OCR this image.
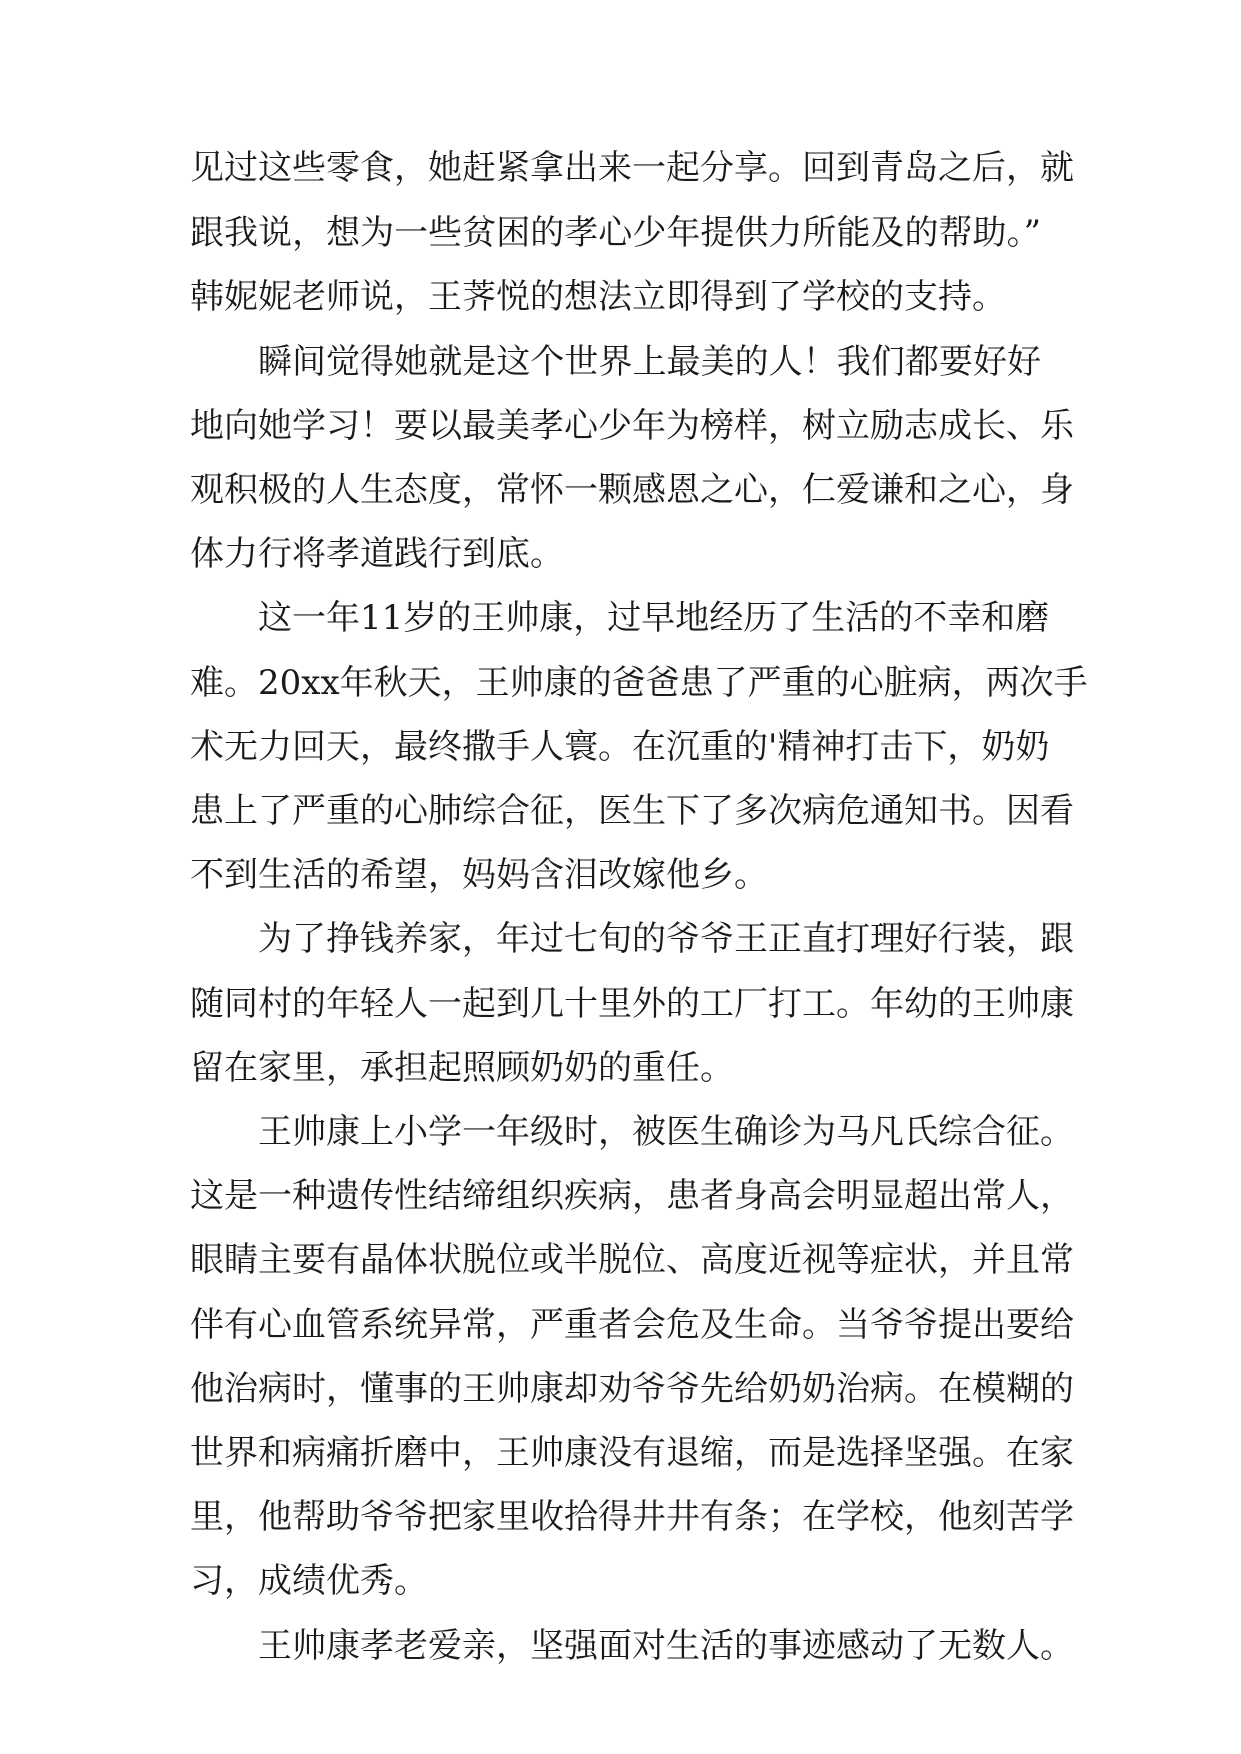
见过这些零食，她赶紧拿出来一起分享。回到青岛之后，就
跟我说，想为一些贫困的孝心少年提供力所能及的帮助。”
韩妮妮老师说，王荠悦的想法立即得到了学校的支持。
瞬间觉得她就是这个世界上最美的人！我们都要好好
地向她学习！要以最美孝心少年为榜样，树立励志成长、乐
观积极的人生态度，常怀一颗感恩之心，仁爱谦和之心，身
体力行将孝道践行到底。
这一年11岁的王帅康，过早地经历了生活的不幸和磨
难。20xx年秋天，王帅康的爸爸患了严重的心脏病，两次手
术无力回天，最终撒手人寰。在沉重的'精神打击下，奶奶
患上了严重的心肺综合征，医生下了多次病危通知书。因看
不到生活的希望，妈妈含泪改嫁他乡。
为了挣钱养家，年过七旬的爷爷王正直打理好行装，跟
随同村的年轻人一起到几十里外的工厂打工。年幼的王帅康
留在家里，承担起照顾奶奶的重任。
王帅康上小学一年级时，被医生确诊为马凡氏综合征。
这是一种遗传性结缔组织疾病，患者身高会明显超出常人，
眼睛主要有晶体状脱位或半脱位、高度近视等症状，并且常
伴有心血管系统异常，严重者会危及生命。当爷爷提出要给
他治病时，懂事的王帅康却劝爷爷先给奶奶治病。在模糊的
世界和病痛折磨中，王帅康没有退缩，而是选择坚强。在家
里，他帮助爷爷把家里收拾得井井有条；在学校，他刻苦学
习，成绩优秀。
王帅康孝老爱亲，坚强面对生活的事迹感动了无数人。
